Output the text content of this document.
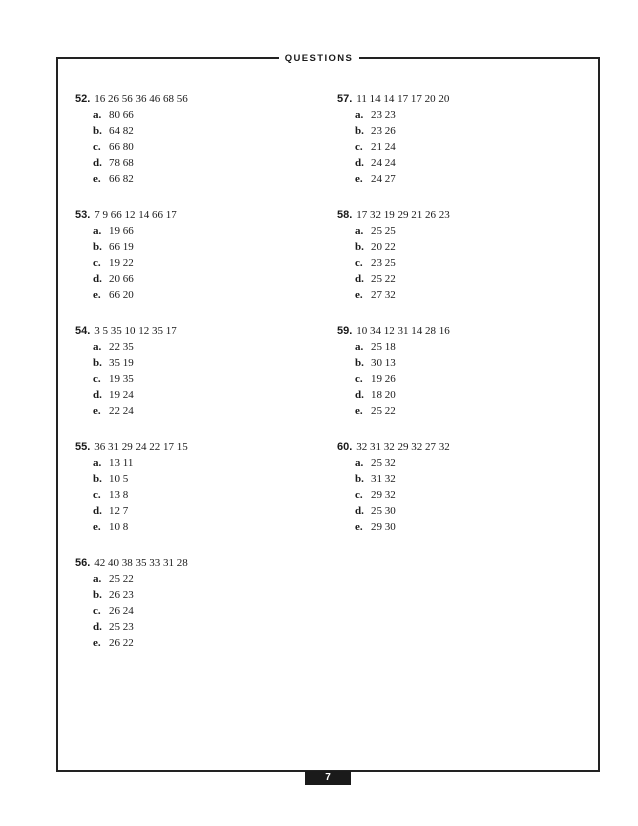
QUESTIONS
52. 16 26 56 36 46 68 56
a. 80 66
b. 64 82
c. 66 80
d. 78 68
e. 66 82
53. 7 9 66 12 14 66 17
a. 19 66
b. 66 19
c. 19 22
d. 20 66
e. 66 20
54. 3 5 35 10 12 35 17
a. 22 35
b. 35 19
c. 19 35
d. 19 24
e. 22 24
55. 36 31 29 24 22 17 15
a. 13 11
b. 10 5
c. 13 8
d. 12 7
e. 10 8
56. 42 40 38 35 33 31 28
a. 25 22
b. 26 23
c. 26 24
d. 25 23
e. 26 22
57. 11 14 14 17 17 20 20
a. 23 23
b. 23 26
c. 21 24
d. 24 24
e. 24 27
58. 17 32 19 29 21 26 23
a. 25 25
b. 20 22
c. 23 25
d. 25 22
e. 27 32
59. 10 34 12 31 14 28 16
a. 25 18
b. 30 13
c. 19 26
d. 18 20
e. 25 22
60. 32 31 32 29 32 27 32
a. 25 32
b. 31 32
c. 29 32
d. 25 30
e. 29 30
7
